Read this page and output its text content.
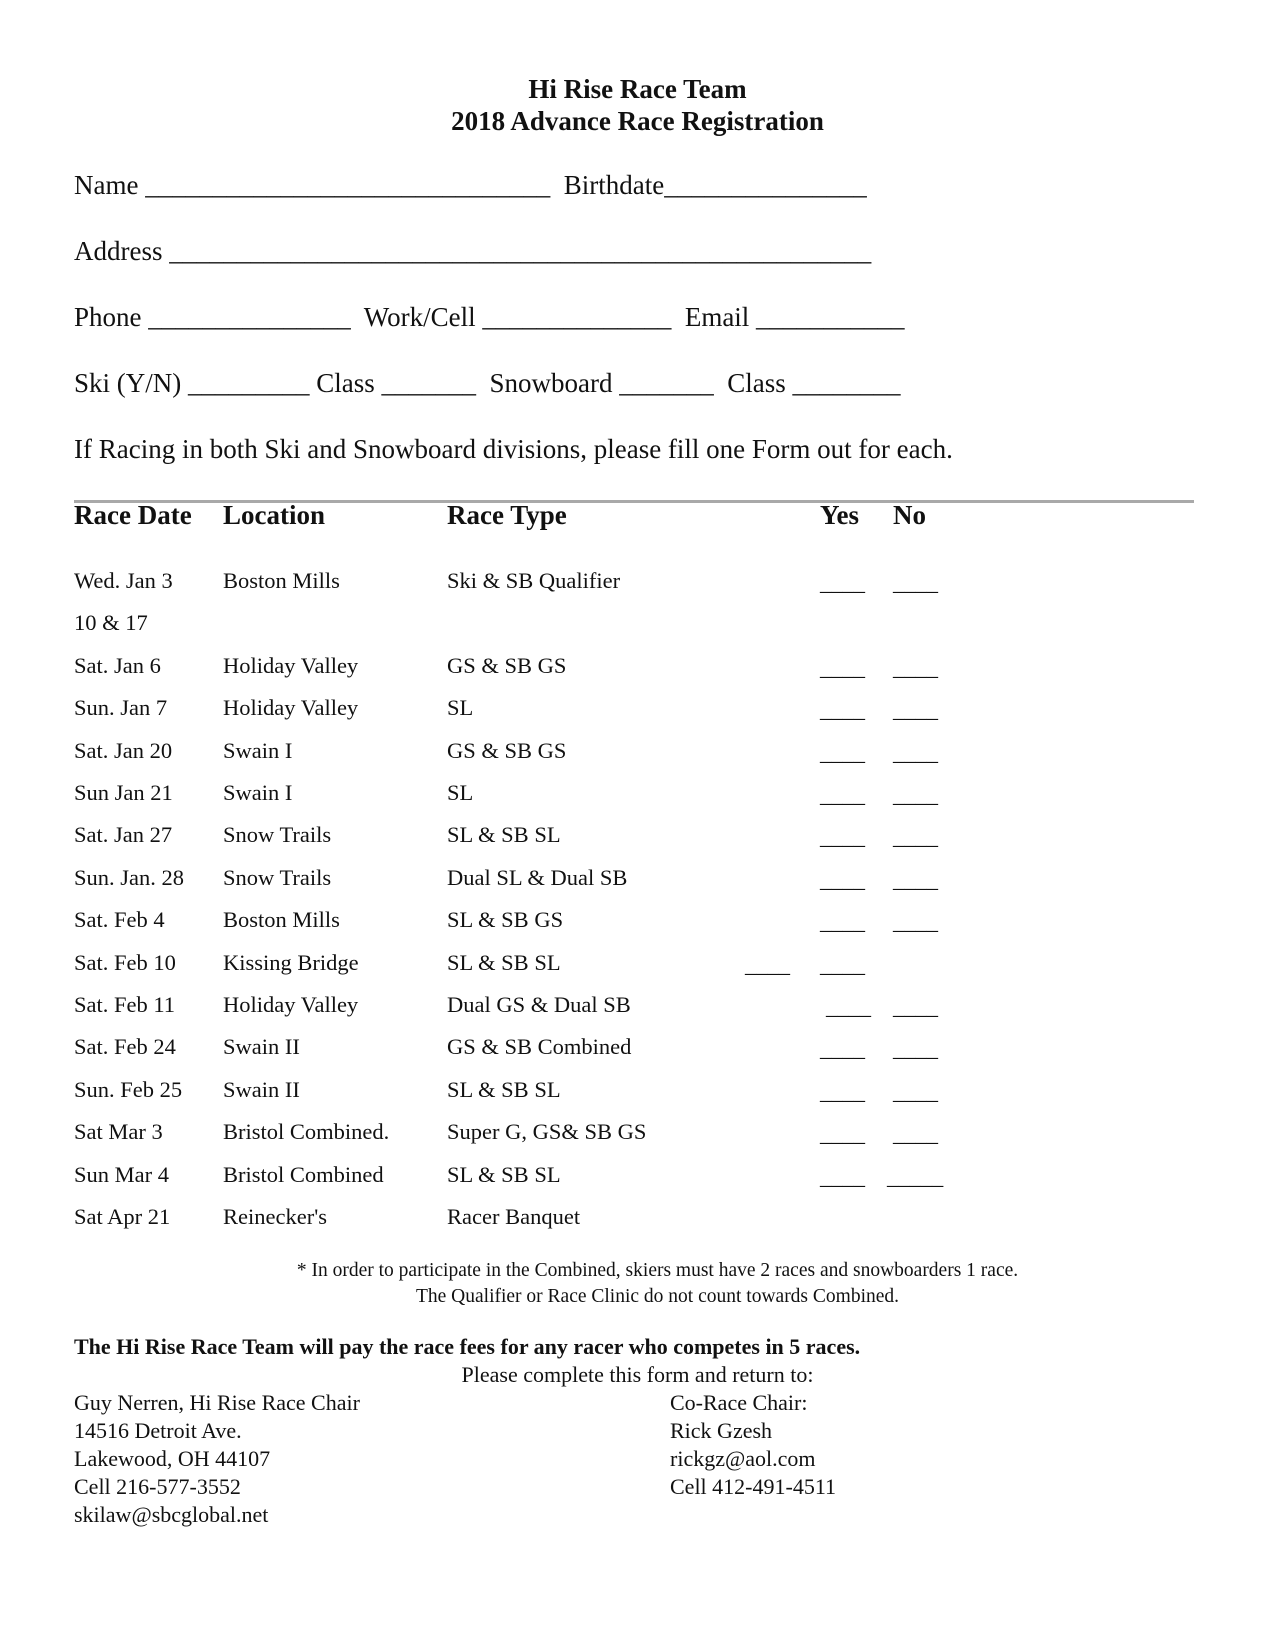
Hi Rise Race Team
2018 Advance Race Registration
Name ______________________________  Birthdate_______________
Address ____________________________________________________
Phone _______________  Work/Cell ______________  Email ___________
Ski (Y/N) _________ Class _______  Snowboard _______  Class ________
If Racing in both Ski and Snowboard divisions, please fill one Form out for each.
Race Date Location	Race Type	Yes No
Wed. Jan 3 Boston Mills	Ski & SB Qualifier	____ ____
10 & 17
Sat. Jan 6	Holiday Valley	GS & SB GS	____ ____
Sun. Jan 7 Holiday Valley	SL	____ ____
Sat. Jan 20 Swain I	GS & SB GS	____ ____
Sun Jan 21 Swain I	SL	____ ____
Sat. Jan 27 Snow Trails	SL & SB SL	____ ____
Sun. Jan. 28 Snow Trails	Dual SL & Dual SB	____ ____
Sat. Feb 4	Boston Mills	SL & SB GS	____ ____
Sat. Feb 10 Kissing Bridge	SL & SB SL	____ ____
Sat. Feb 11 Holiday Valley	Dual GS & Dual SB	____ ____
Sat. Feb 24 Swain II	GS & SB Combined	____ ____
Sun. Feb 25 Swain II	SL & SB SL	____ ____
Sat Mar 3	Bristol Combined.	Super G, GS& SB GS	____ ____
Sun Mar 4 Bristol Combined	SL & SB SL	____ _____
Sat Apr 21 Reinecker's	Racer Banquet
* In order to participate in the Combined, skiers must have 2 races and snowboarders 1 race.
The Qualifier or Race Clinic do not count towards Combined.
The Hi Rise Race Team will pay the race fees for any racer who competes in 5 races.
Please complete this form and return to:
Guy Nerren, Hi Rise Race Chair
14516 Detroit Ave.
Lakewood, OH 44107
Cell 216-577-3552
skilaw@sbcglobal.net
Co-Race Chair:
Rick Gzesh
rickgz@aol.com
Cell 412-491-4511
